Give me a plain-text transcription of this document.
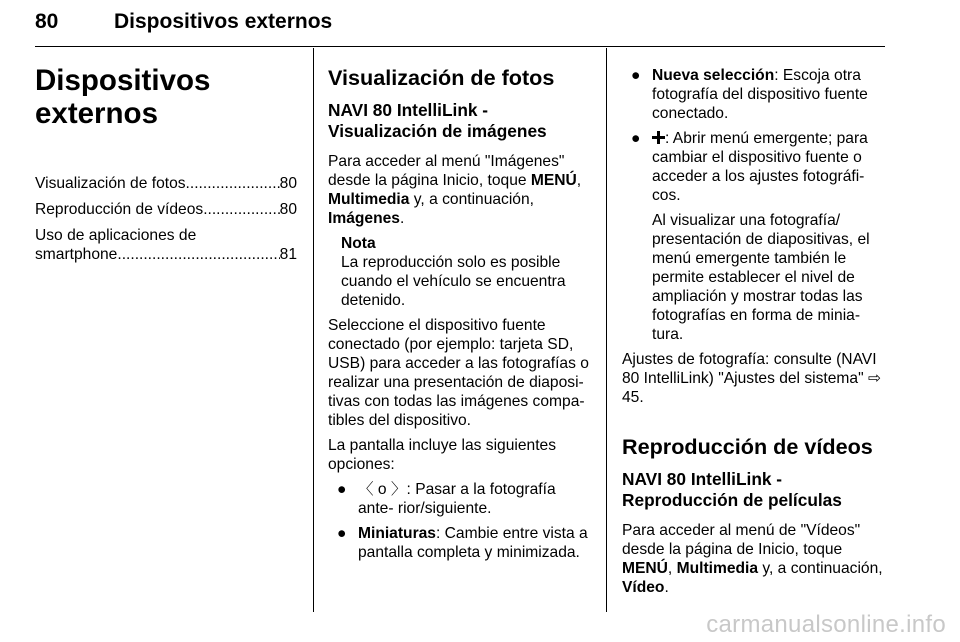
80	Dispositivos externos
Dispositivos
externos
Visualización de fotos .....	80
Reproducción de vídeos .....	80
Uso de aplicaciones de
smartphone .....	81
Visualización de fotos
NAVI 80 IntelliLink - Visualización de imágenes

Para acceder al menú "Imágenes" desde la página Inicio, toque MENÚ, Multimedia y, a continuación, Imágenes.

Nota
La reproducción solo es posible cuando el vehículo se encuentra detenido.

Seleccione el dispositivo fuente conectado (por ejemplo: tarjeta SD, USB) para acceder a las fotografías o realizar una presentación de diaposi- tivas con todas las imágenes compa- tibles del dispositivo.

La pantalla incluye las siguientes opciones:

● 〈 o 〉: Pasar a la fotografía ante- rior/siguiente.
● Miniaturas: Cambie entre vista a pantalla completa y minimizada.
● Nueva selección: Escoja otra fotografía del dispositivo fuente conectado.
● : Abrir menú emergente; para cambiar el dispositivo fuente o acceder a los ajustes fotográfi- cos.
Al visualizar una fotografía/ presentación de diapositivas, el menú emergente también le permite establecer el nivel de ampliación y mostrar todas las fotografías en forma de minia- tura.

Ajustes de fotografía: consulte (NAVI 80 IntelliLink) "Ajustes del sistema" ⇨ 45.

Reproducción de vídeos
NAVI 80 IntelliLink -
Reproducción de películas

Para acceder al menú de "Vídeos" desde la página de Inicio, toque MENÚ, Multimedia y, a continuación, Vídeo.

carmanualsonline.info
